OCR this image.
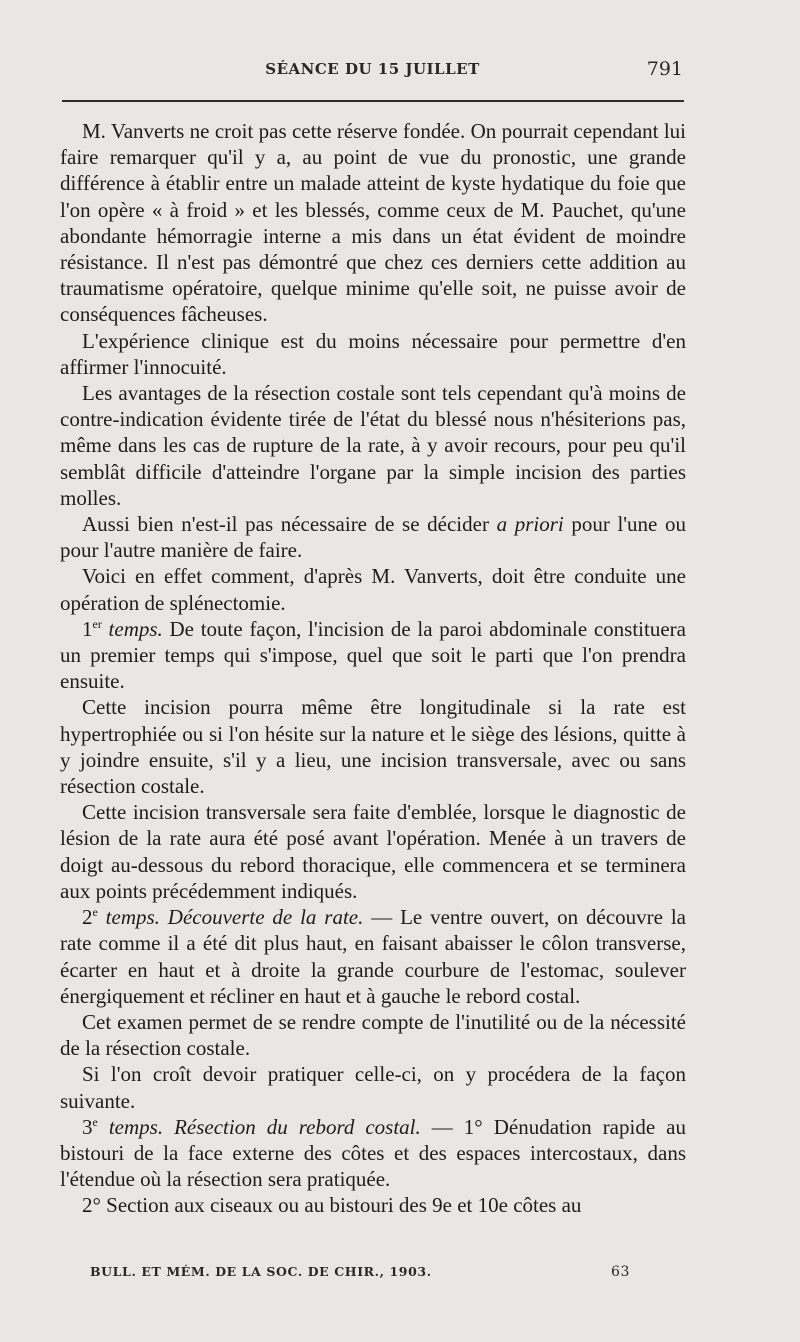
SÉANCE DU 15 JUILLET	791

M. Vanverts ne croit pas cette réserve fondée. On pourrait cependant lui faire remarquer qu'il y a, au point de vue du pronostic, une grande différence à établir entre un malade atteint de kyste hydatique du foie que l'on opère « à froid » et les blessés, comme ceux de M. Pauchet, qu'une abondante hémorragie interne a mis dans un état évident de moindre résistance. Il n'est pas démontré que chez ces derniers cette addition au traumatisme opératoire, quelque minime qu'elle soit, ne puisse avoir de conséquences fâcheuses.

L'expérience clinique est du moins nécessaire pour permettre d'en affirmer l'innocuité.

Les avantages de la résection costale sont tels cependant qu'à moins de contre-indication évidente tirée de l'état du blessé nous n'hésiterions pas, même dans les cas de rupture de la rate, à y avoir recours, pour peu qu'il semblât difficile d'atteindre l'organe par la simple incision des parties molles.

Aussi bien n'est-il pas nécessaire de se décider a priori pour l'une ou pour l'autre manière de faire.

Voici en effet comment, d'après M. Vanverts, doit être conduite une opération de splénectomie.

1er temps. De toute façon, l'incision de la paroi abdominale constituera un premier temps qui s'impose, quel que soit le parti que l'on prendra ensuite.

Cette incision pourra même être longitudinale si la rate est hypertrophiée ou si l'on hésite sur la nature et le siège des lésions, quitte à y joindre ensuite, s'il y a lieu, une incision transversale, avec ou sans résection costale.

Cette incision transversale sera faite d'emblée, lorsque le diagnostic de lésion de la rate aura été posé avant l'opération. Menée à un travers de doigt au-dessous du rebord thoracique, elle commencera et se terminera aux points précédemment indiqués.

2e temps. Découverte de la rate. — Le ventre ouvert, on découvre la rate comme il a été dit plus haut, en faisant abaisser le côlon transverse, écarter en haut et à droite la grande courbure de l'estomac, soulever énergiquement et récliner en haut et à gauche le rebord costal.

Cet examen permet de se rendre compte de l'inutilité ou de la nécessité de la résection costale.

Si l'on croît devoir pratiquer celle-ci, on y procédera de la façon suivante.

3e temps. Résection du rebord costal. — 1° Dénudation rapide au bistouri de la face externe des côtes et des espaces intercostaux, dans l'étendue où la résection sera pratiquée.

2° Section aux ciseaux ou au bistouri des 9e et 10e côtes au

BULL. ET MÉM. DE LA SOC. DE CHIR., 1903.	63
